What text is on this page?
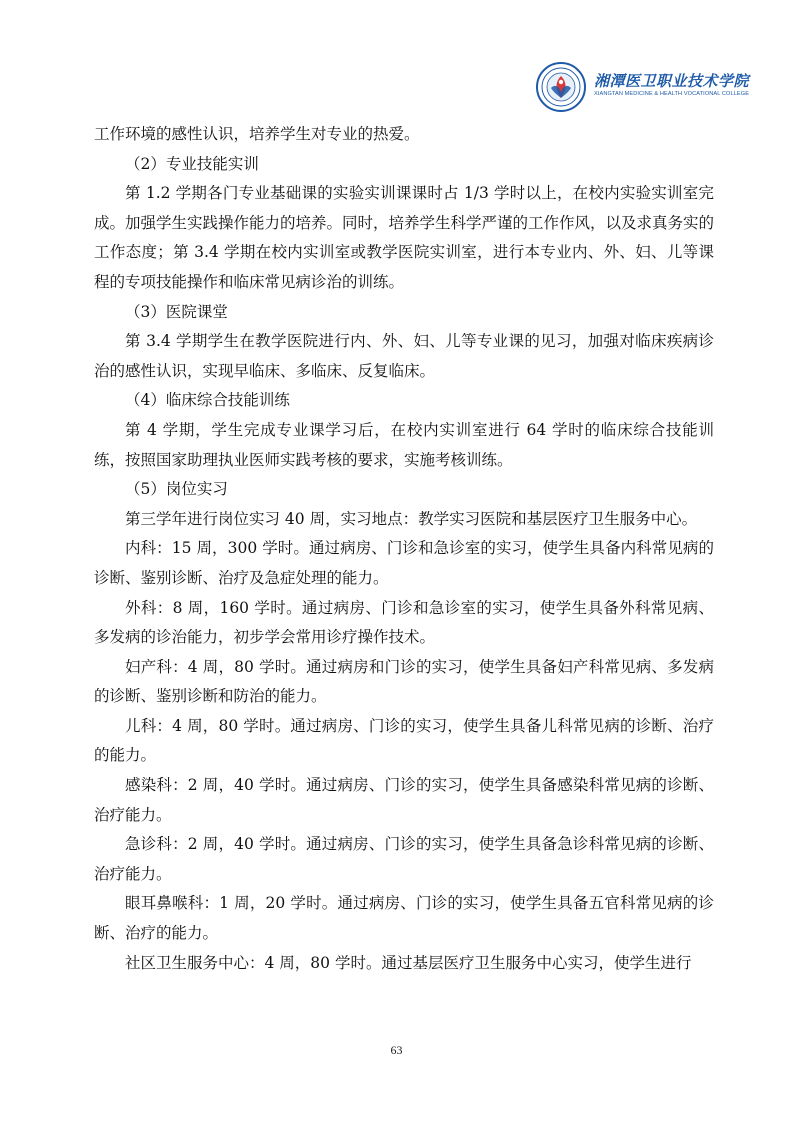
湘潭医卫职业技术学院
XIANGTAN MEDICINE & HEALTH VOCATIONAL COLLEGE

工作环境的感性认识，培养学生对专业的热爱。

（2）专业技能实训

第 1.2 学期各门专业基础课的实验实训课课时占 1/3 学时以上，在校内实验实训室完成。加强学生实践操作能力的培养。同时，培养学生科学严谨的工作作风，以及求真务实的工作态度；第 3.4 学期在校内实训室或教学医院实训室，进行本专业内、外、妇、儿等课程的专项技能操作和临床常见病诊治的训练。

（3）医院课堂

第 3.4 学期学生在教学医院进行内、外、妇、儿等专业课的见习，加强对临床疾病诊治的感性认识，实现早临床、多临床、反复临床。

（4）临床综合技能训练

第 4 学期，学生完成专业课学习后，在校内实训室进行 64 学时的临床综合技能训练，按照国家助理执业医师实践考核的要求，实施考核训练。

（5）岗位实习

第三学年进行岗位实习 40 周，实习地点：教学实习医院和基层医疗卫生服务中心。

内科：15 周，300 学时。通过病房、门诊和急诊室的实习，使学生具备内科常见病的诊断、鉴别诊断、治疗及急症处理的能力。

外科：8 周，160 学时。通过病房、门诊和急诊室的实习，使学生具备外科常见病、多发病的诊治能力，初步学会常用诊疗操作技术。

妇产科：4 周，80 学时。通过病房和门诊的实习，使学生具备妇产科常见病、多发病的诊断、鉴别诊断和防治的能力。

儿科：4 周，80 学时。通过病房、门诊的实习，使学生具备儿科常见病的诊断、治疗的能力。

感染科：2 周，40 学时。通过病房、门诊的实习，使学生具备感染科常见病的诊断、治疗能力。

急诊科：2 周，40 学时。通过病房、门诊的实习，使学生具备急诊科常见病的诊断、治疗能力。

眼耳鼻喉科：1 周，20 学时。通过病房、门诊的实习，使学生具备五官科常见病的诊断、治疗的能力。

社区卫生服务中心：4 周，80 学时。通过基层医疗卫生服务中心实习，使学生进行

63
